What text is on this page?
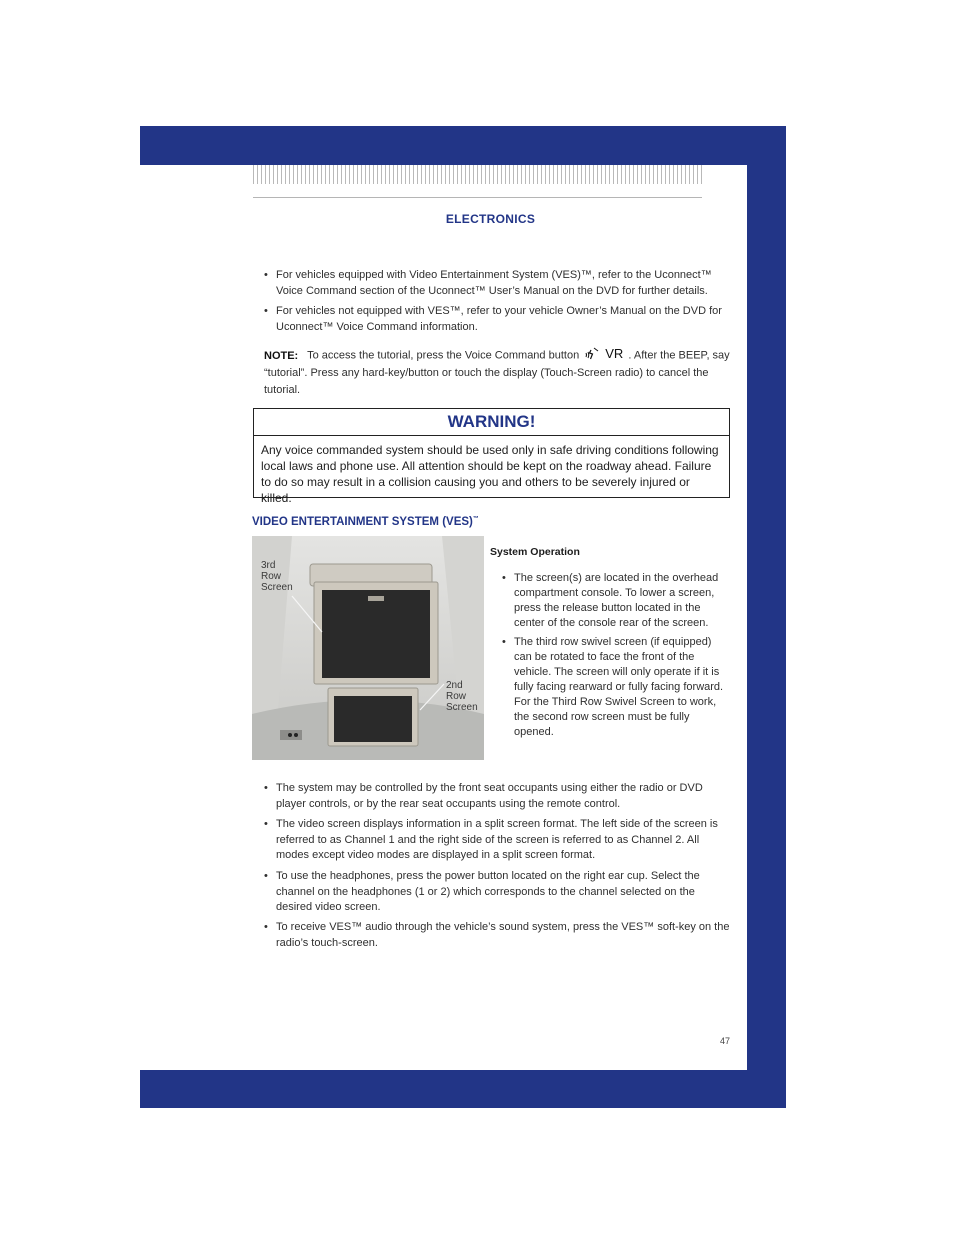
ELECTRONICS
• For vehicles equipped with Video Entertainment System (VES)™, refer to the Uconnect™ Voice Command section of the Uconnect™ User’s Manual on the DVD for further details.
• For vehicles not equipped with VES™, refer to your vehicle Owner’s Manual on the DVD for Uconnect™ Voice Command information.
NOTE: To access the tutorial, press the Voice Command button VR . After the BEEP, say “tutorial”. Press any hard-key/button or touch the display (Touch-Screen radio) to cancel the tutorial.
WARNING!
Any voice commanded system should be used only in safe driving conditions following local laws and phone use. All attention should be kept on the roadway ahead. Failure to do so may result in a collision causing you and others to be severely injured or killed.
VIDEO ENTERTAINMENT SYSTEM (VES)™
3rd
Row
Screen
2nd
Row
Screen
System Operation
• The screen(s) are located in the overhead compartment console. To lower a screen, press the release button located in the center of the console rear of the screen.
• The third row swivel screen (if equipped) can be rotated to face the front of the vehicle. The screen will only operate if it is fully facing rearward or fully facing forward. For the Third Row Swivel Screen to work, the second row screen must be fully opened.
• The system may be controlled by the front seat occupants using either the radio or DVD player controls, or by the rear seat occupants using the remote control.
• The video screen displays information in a split screen format. The left side of the screen is referred to as Channel 1 and the right side of the screen is referred to as Channel 2. All modes except video modes are displayed in a split screen format.
• To use the headphones, press the power button located on the right ear cup. Select the channel on the headphones (1 or 2) which corresponds to the channel selected on the desired video screen.
• To receive VES™ audio through the vehicle’s sound system, press the VES™ soft-key on the radio’s touch-screen.
47
